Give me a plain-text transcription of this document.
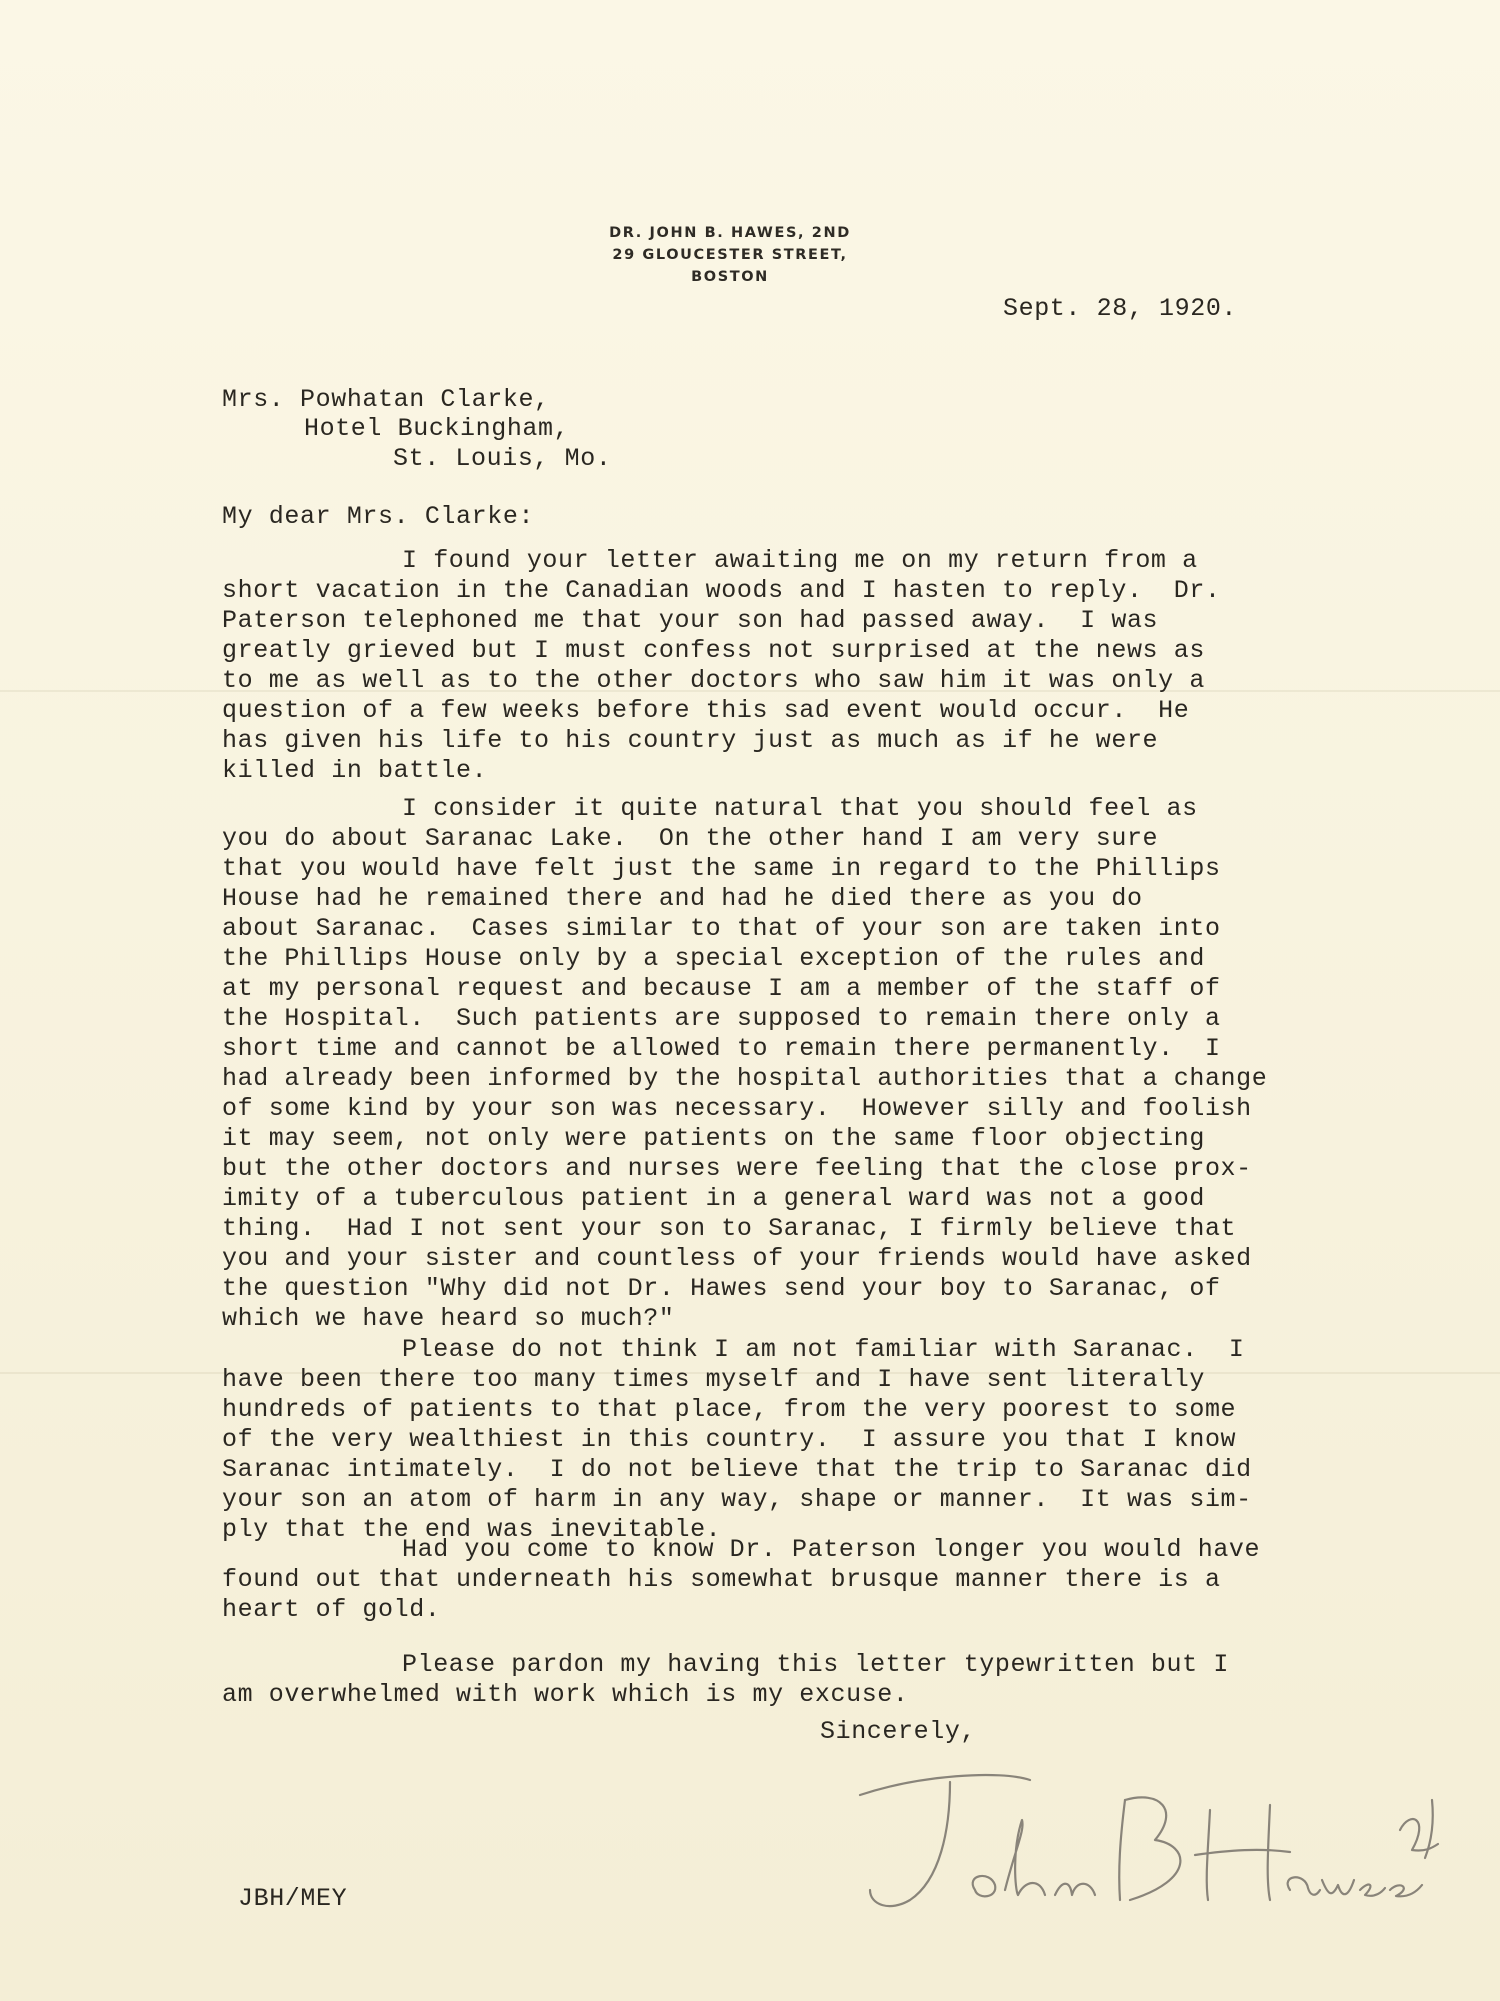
DR. JOHN B. HAWES, 2ND
29 GLOUCESTER STREET,
BOSTON
Sept. 28, 1920.
Mrs. Powhatan Clarke,
Hotel Buckingham,
St. Louis, Mo.
My dear Mrs. Clarke:
I found your letter awaiting me on my return from a
short vacation in the Canadian woods and I hasten to reply.  Dr.
Paterson telephoned me that your son had passed away.  I was
greatly grieved but I must confess not surprised at the news as
to me as well as to the other doctors who saw him it was only a
question of a few weeks before this sad event would occur.  He
has given his life to his country just as much as if he were
killed in battle.
I consider it quite natural that you should feel as
you do about Saranac Lake.  On the other hand I am very sure
that you would have felt just the same in regard to the Phillips
House had he remained there and had he died there as you do
about Saranac.  Cases similar to that of your son are taken into
the Phillips House only by a special exception of the rules and
at my personal request and because I am a member of the staff of
the Hospital.  Such patients are supposed to remain there only a
short time and cannot be allowed to remain there permanently.  I
had already been informed by the hospital authorities that a change
of some kind by your son was necessary.  However silly and foolish
it may seem, not only were patients on the same floor objecting
but the other doctors and nurses were feeling that the close prox-
imity of a tuberculous patient in a general ward was not a good
thing.  Had I not sent your son to Saranac, I firmly believe that
you and your sister and countless of your friends would have asked
the question "Why did not Dr. Hawes send your boy to Saranac, of
which we have heard so much?"
Please do not think I am not familiar with Saranac.  I
have been there too many times myself and I have sent literally
hundreds of patients to that place, from the very poorest to some
of the very wealthiest in this country.  I assure you that I know
Saranac intimately.  I do not believe that the trip to Saranac did
your son an atom of harm in any way, shape or manner.  It was sim-
ply that the end was inevitable.
Had you come to know Dr. Paterson longer you would have
found out that underneath his somewhat brusque manner there is a
heart of gold.
Please pardon my having this letter typewritten but I
am overwhelmed with work which is my excuse.
Sincerely,
John B Hawes 2d
JBH/MEY
